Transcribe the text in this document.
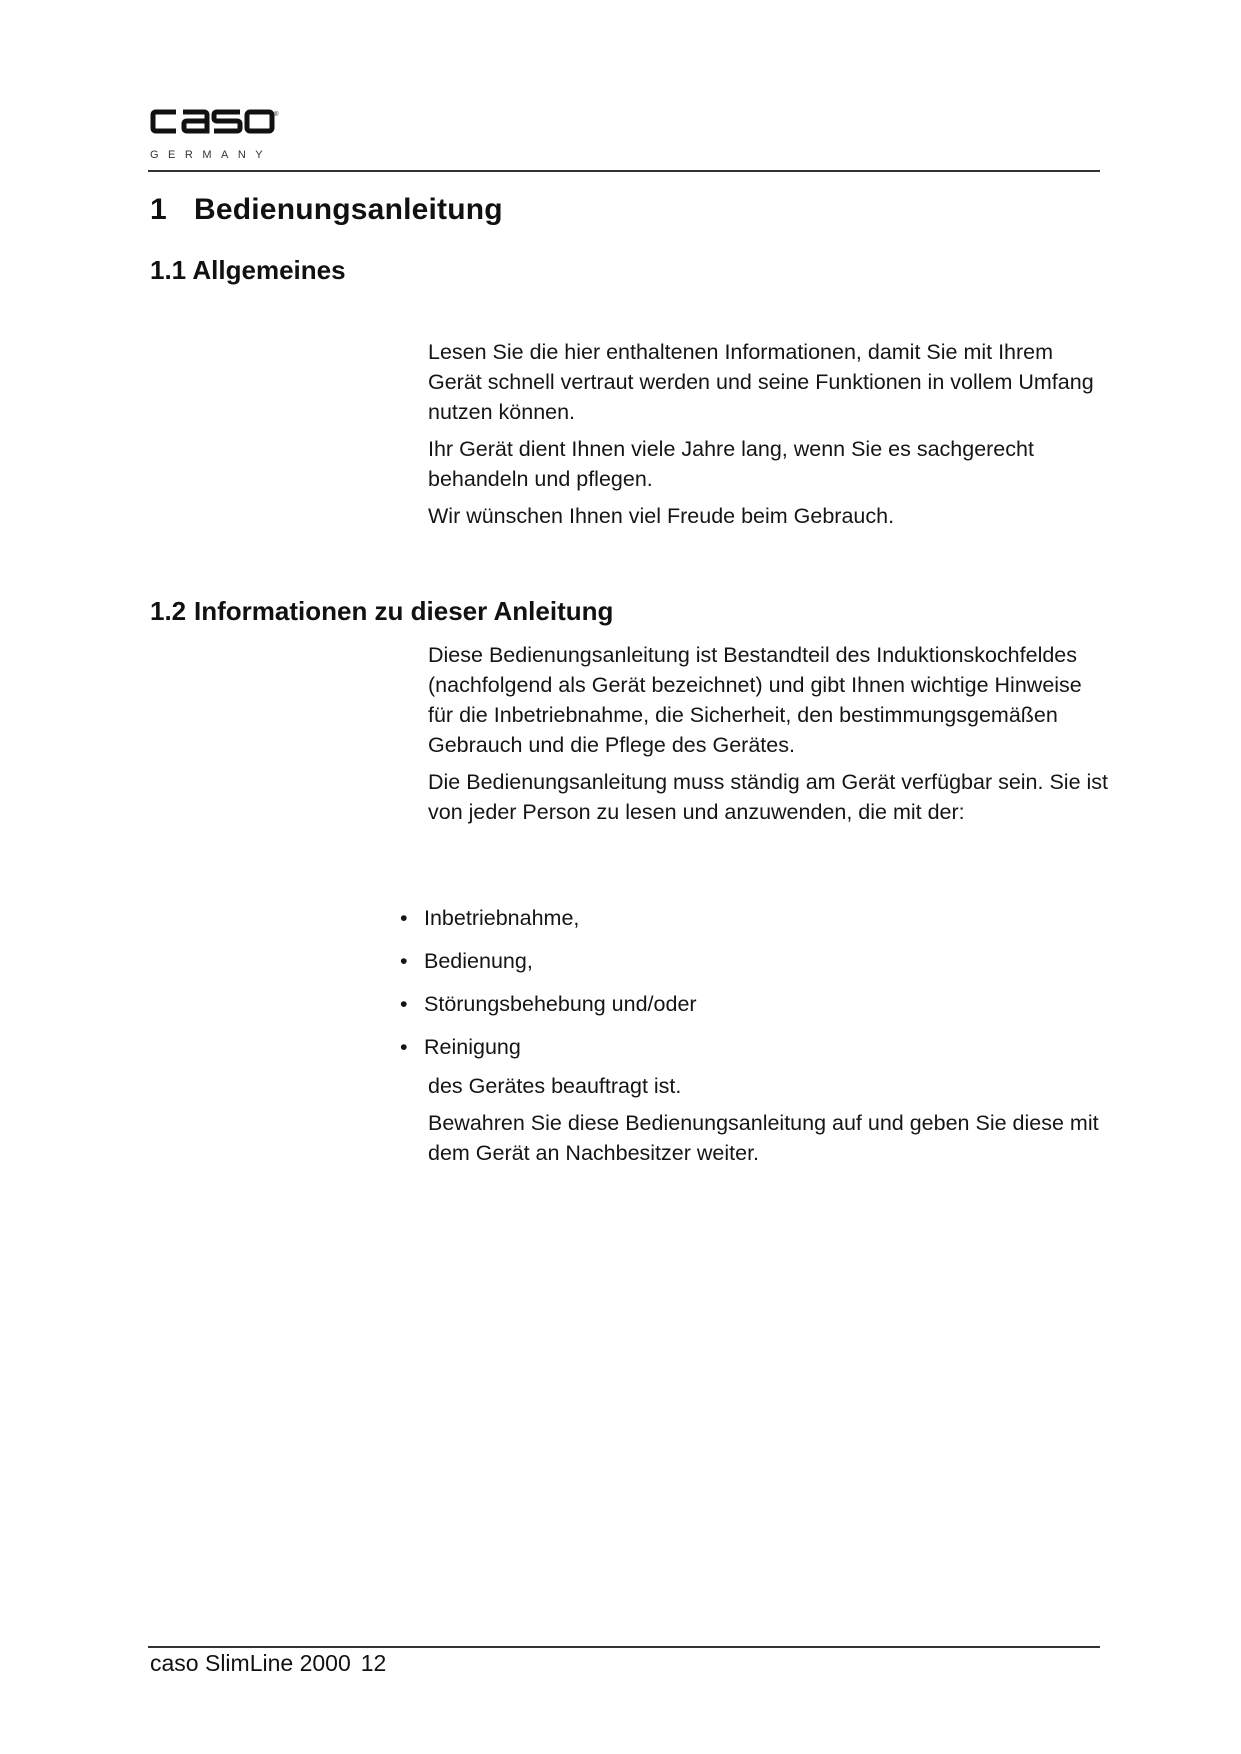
®
GERMANY
1 Bedienungsanleitung
1.1 Allgemeines

Lesen Sie die hier enthaltenen Informationen, damit Sie mit Ihrem Gerät schnell vertraut werden und seine Funktionen in vollem Umfang nutzen können.

Ihr Gerät dient Ihnen viele Jahre lang, wenn Sie es sachgerecht behandeln und pflegen.

Wir wünschen Ihnen viel Freude beim Gebrauch.

1.2 Informationen zu dieser Anleitung

Diese Bedienungsanleitung ist Bestandteil des Induktionskochfeldes (nachfolgend als Gerät bezeichnet) und gibt Ihnen wichtige Hinweise für die Inbetriebnahme, die Sicherheit, den bestimmungsgemäßen Gebrauch und die Pflege des Gerätes.

Die Bedienungsanleitung muss ständig am Gerät verfügbar sein. Sie ist von jeder Person zu lesen und anzuwenden, die mit der:

• Inbetriebnahme,
• Bedienung,
• Störungsbehebung und/oder
• Reinigung

des Gerätes beauftragt ist.

Bewahren Sie diese Bedienungsanleitung auf und geben Sie diese mit dem Gerät an Nachbesitzer weiter.

caso SlimLine 2000 12
